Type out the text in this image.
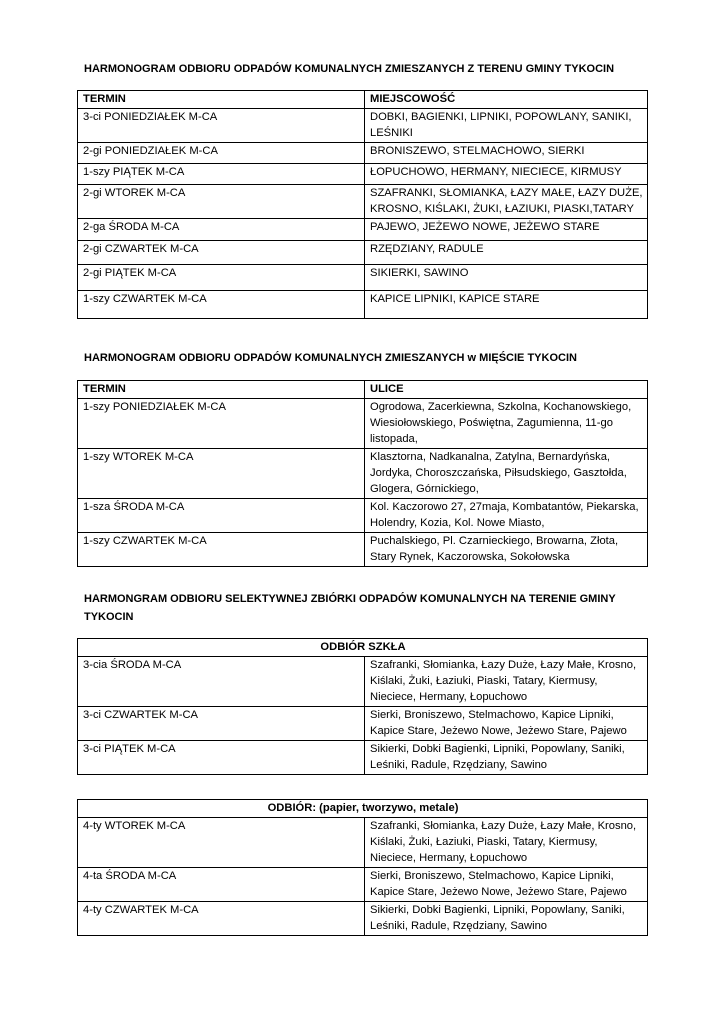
HARMONOGRAM ODBIORU ODPADÓW KOMUNALNYCH ZMIESZANYCH Z TERENU GMINY TYKOCIN
TERMIN	MIEJSCOWOŚĆ
3-ci PONIEDZIAŁEK M-CA	DOBKI, BAGIENKI, LIPNIKI, POPOWLANY, SANIKI, LEŚNIKI
2-gi PONIEDZIAŁEK M-CA	BRONISZEWO, STELMACHOWO, SIERKI
1-szy PIĄTEK M-CA	ŁOPUCHOWO, HERMANY, NIECIECE, KIRMUSY
2-gi WTOREK M-CA	SZAFRANKI, SŁOMIANKA, ŁAZY MAŁE, ŁAZY DUŻE, KROSNO, KIŚLAKI, ŻUKI, ŁAZIUKI, PIASKI,TATARY
2-ga ŚRODA M-CA	PAJEWO, JEŻEWO NOWE, JEŻEWO STARE
2-gi CZWARTEK M-CA	RZĘDZIANY, RADULE
2-gi PIĄTEK M-CA	SIKIERKI, SAWINO
1-szy CZWARTEK M-CA	KAPICE LIPNIKI, KAPICE STARE
HARMONOGRAM ODBIORU ODPADÓW KOMUNALNYCH ZMIESZANYCH w MIĘŚCIE TYKOCIN
TERMIN	ULICE
1-szy PONIEDZIAŁEK M-CA	Ogrodowa, Zacerkiewna, Szkolna, Kochanowskiego, Wiesiołowskiego, Poświętna, Zagumienna, 11-go listopada,
1-szy WTOREK M-CA	Klasztorna, Nadkanalna, Zatylna, Bernardyńska, Jordyka, Choroszczańska, Piłsudskiego, Gasztołda, Glogera, Górnickiego,
1-sza ŚRODA M-CA	Kol. Kaczorowo 27, 27maja, Kombatantów, Piekarska, Holendry, Kozia, Kol. Nowe Miasto,
1-szy CZWARTEK M-CA	Puchalskiego, Pl. Czarnieckiego, Browarna, Złota, Stary Rynek, Kaczorowska, Sokołowska
HARMONGRAM ODBIORU SELEKTYWNEJ ZBIÓRKI ODPADÓW KOMUNALNYCH NA TERENIE GMINY TYKOCIN
ODBIÓR SZKŁA	
3-cia ŚRODA M-CA	Szafranki, Słomianka, Łazy Duże, Łazy Małe, Krosno, Kiślaki, Żuki, Łaziuki, Piaski, Tatary, Kiermusy, Nieciece, Hermany, Łopuchowo
3-ci CZWARTEK M-CA	Sierki, Broniszewo, Stelmachowo, Kapice Lipniki, Kapice Stare, Jeżewo Nowe, Jeżewo Stare, Pajewo
3-ci PIĄTEK M-CA	Sikierki, Dobki Bagienki, Lipniki, Popowlany, Saniki, Leśniki, Radule, Rzędziany, Sawino
ODBIÓR: (papier, tworzywo, metale)	
4-ty WTOREK M-CA	Szafranki, Słomianka, Łazy Duże, Łazy Małe, Krosno, Kiślaki, Żuki, Łaziuki, Piaski, Tatary, Kiermusy, Nieciece, Hermany, Łopuchowo
4-ta ŚRODA M-CA	Sierki, Broniszewo, Stelmachowo, Kapice Lipniki, Kapice Stare, Jeżewo Nowe, Jeżewo Stare, Pajewo
4-ty CZWARTEK M-CA	Sikierki, Dobki Bagienki, Lipniki, Popowlany, Saniki, Leśniki, Radule, Rzędziany, Sawino
